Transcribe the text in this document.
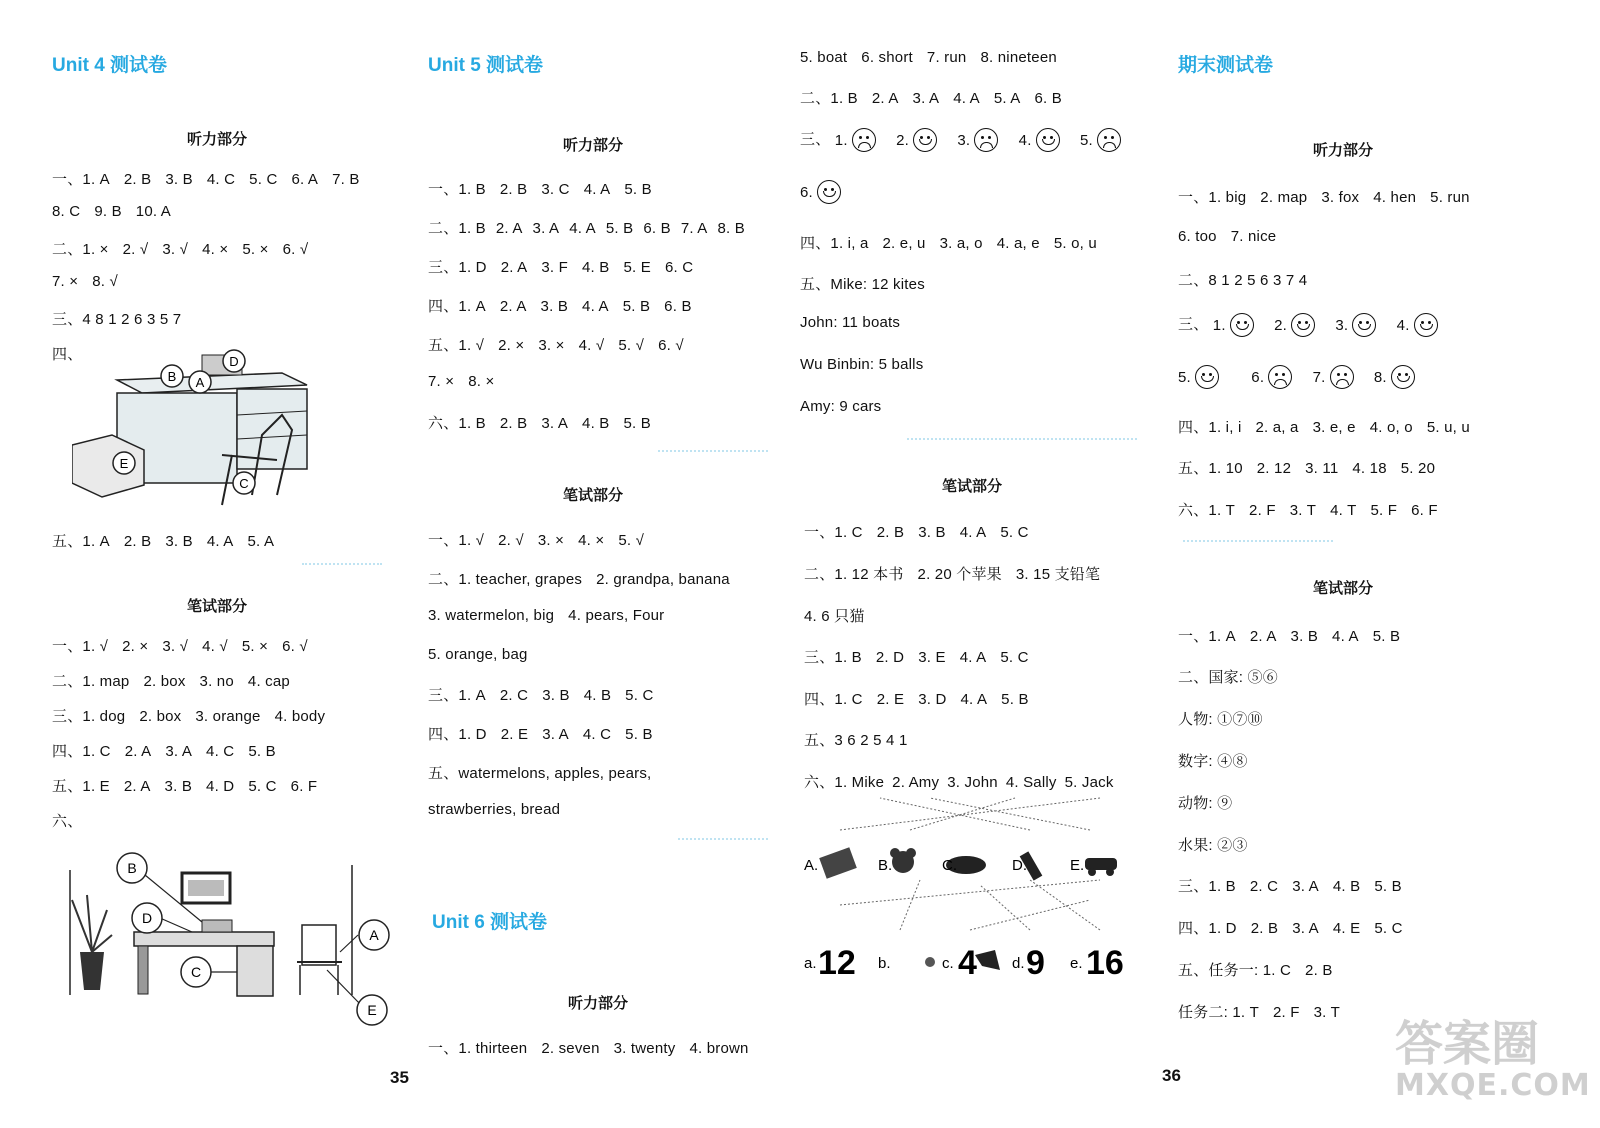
Unit 4 测试卷
听力部分
一、1. A 2. B 3. B 4. C 5. C 6. A 7. B
8. C 9. B 10. A
二、1. × 2. √ 3. √ 4. × 5. × 6. √
7. × 8. √
三、4 8 1 2 6 3 5 7
四、	D
B A
E
C
五、1. A 2. B 3. B 4. A 5. A
笔试部分
一、1. √ 2. × 3. √ 4. √ 5. × 6. √
二、1. map 2. box 3. no 4. cap
三、1. dog 2. box 3. orange 4. body
四、1. C 2. A 3. A 4. C 5. B
五、1. E 2. A 3. B 4. D 5. C 6. F
六、
B
D
C
A
E
Unit 5 测试卷
听力部分
一、1. B 2. B 3. C 4. A 5. B
二、1. B 2. A 3. A 4. A 5. B 6. B 7. A 8. B
三、1. D 2. A 3. F 4. B 5. E 6. C
四、1. A 2. A 3. B 4. A 5. B 6. B
五、1. √ 2. × 3. × 4. √ 5. √ 6. √
7. × 8. ×
六、1. B 2. B 3. A 4. B 5. B
笔试部分
一、1. √ 2. √ 3. × 4. × 5. √
二、1. teacher, grapes 2. grandpa, banana
3. watermelon, big 4. pears, Four
5. orange, bag
三、1. A 2. C 3. B 4. B 5. C
四、1. D 2. E 3. A 4. C 5. B
五、watermelons, apples, pears,
strawberries, bread
Unit 6 测试卷
听力部分
一、1. thirteen 2. seven 3. twenty 4. brown
35
5. boat 6. short 7. run 8. nineteen
二、1. B 2. A 3. A 4. A 5. A 6. B
三、 1.	2.	3.	4.	5.
6.
四、1. i, a 2. e, u 3. a, o 4. a, e 5. o, u
五、Mike: 12 kites
John: 11 boats
Wu Binbin: 5 balls
Amy: 9 cars
笔试部分
一、1. C 2. B 3. B 4. A 5. C
二、1. 12 本书 2. 20 个苹果 3. 15 支铅笔
4. 6 只猫
三、1. B 2. D 3. E 4. A 5. C
四、1. C 2. E 3. D 4. A 5. B
五、3 6 2 5 4 1
六、1. Mike 2. Amy 3. John 4. Sally 5. Jack
A.	B.	C.	D.	E.
a.	b.	c.	d.	e.
12	4 9 16
期末测试卷
听力部分
一、1. big 2. map 3. fox 4. hen 5. run
6. too 7. nice
二、8 1 2 5 6 3 7 4
三、 1.	2.	3.	4.
5.	6.	7.	8.
四、1. i, i 2. a, a 3. e, e 4. o, o 5. u, u
五、1. 10 2. 12 3. 11 4. 18 5. 20
六、1. T 2. F 3. T 4. T 5. F 6. F
笔试部分
一、1. A 2. A 3. B 4. A 5. B
二、国家: ⑤⑥
人物: ①⑦⑩
数字: ④⑧
动物: ⑨
水果: ②③
三、1. B 2. C 3. A 4. B 5. B
四、1. D 2. B 3. A 4. E 5. C
五、任务一: 1. C 2. B
任务二: 1. T 2. F 3. T
36
答案圈
MXQE.COM
